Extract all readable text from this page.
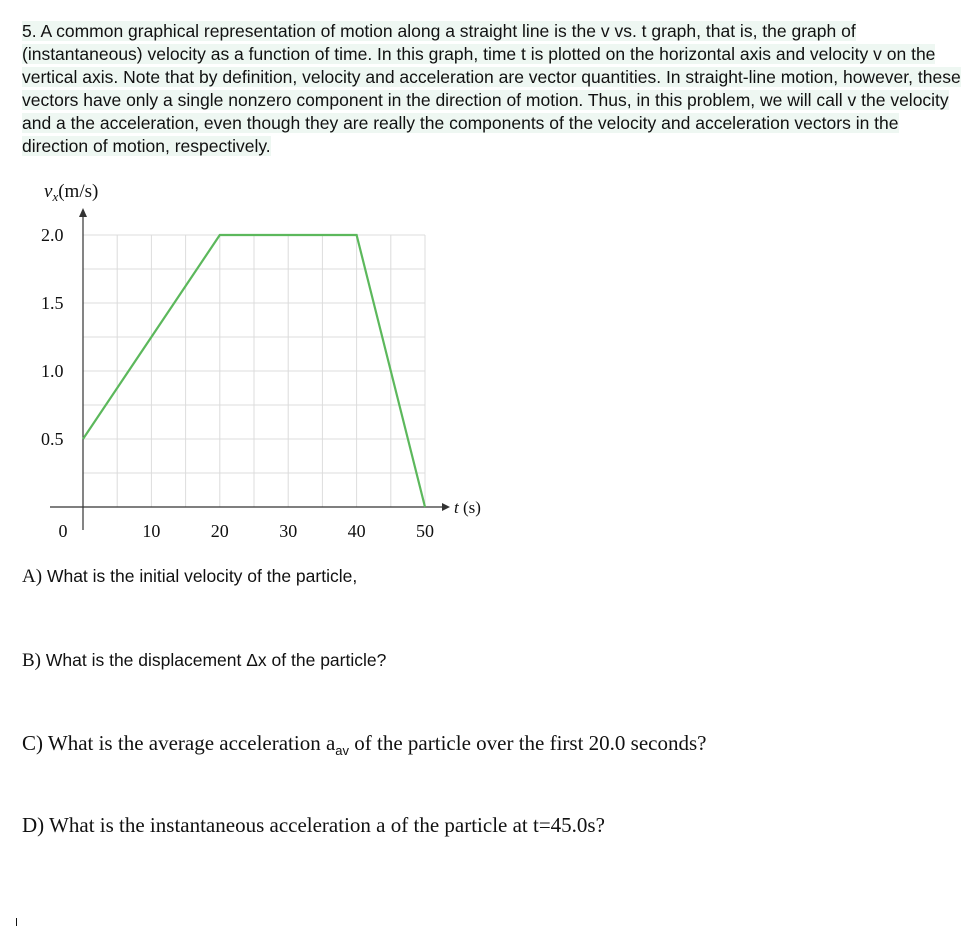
5. A common graphical representation of motion along a straight line is the v vs. t graph, that is, the graph of (instantaneous) velocity as a function of time. In this graph, time t is plotted on the horizontal axis and velocity v on the vertical axis. Note that by definition, velocity and acceleration are vector quantities. In straight-line motion, however, these vectors have only a single nonzero component in the direction of motion. Thus, in this problem, we will call v the velocity and a the acceleration, even though they are really the components of the velocity and acceleration vectors in the direction of motion, respectively.
0.5
1.0
1.5
2.0
0	10	20	30	40	50
$v_x(m/s)$
t (s)
A) What is the initial velocity of the particle,
B) What is the displacement Δx of the particle?
C) What is the average acceleration $a_{av}$ of the particle over the first 20.0 seconds?
D) What is the instantaneous acceleration a of the particle at t=45.0s?
